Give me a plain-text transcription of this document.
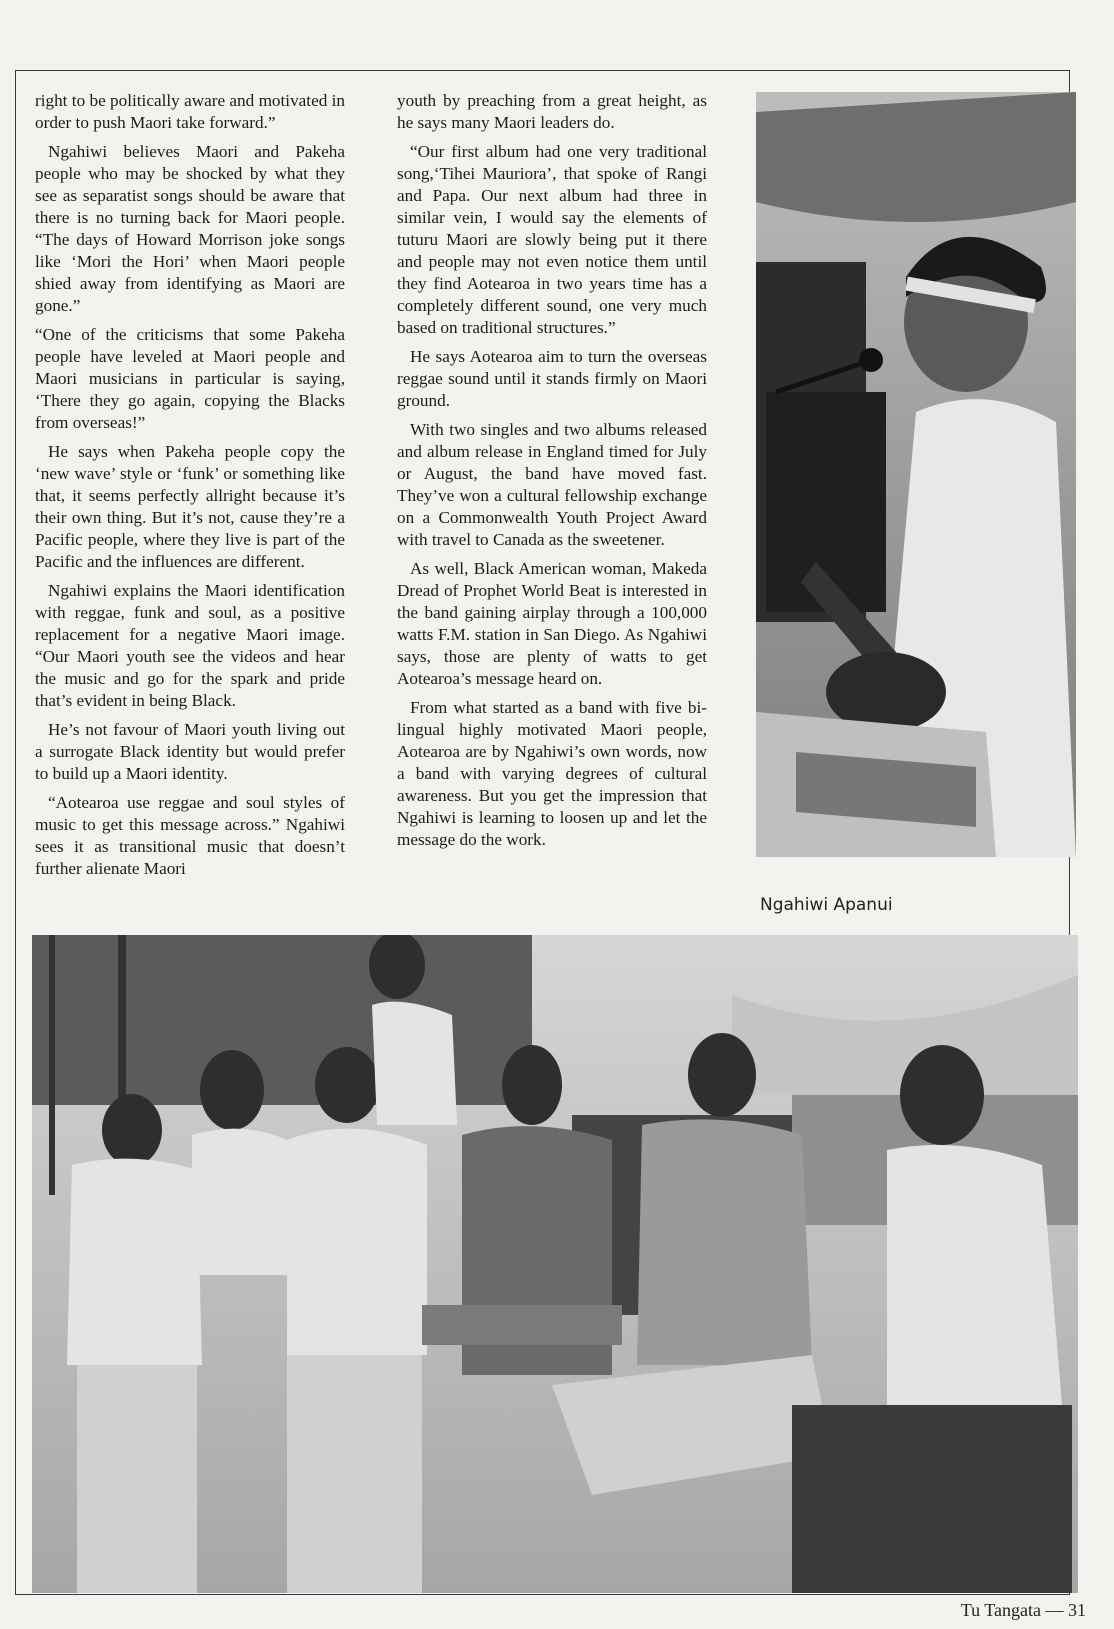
right to be politically aware and motivated in order to push Maori take forward.”

Ngahiwi believes Maori and Pakeha people who may be shocked by what they see as separatist songs should be aware that there is no turning back for Maori people. “The days of Howard Morrison joke songs like ‘Mori the Hori’ when Maori people shied away from identifying as Maori are gone.”

“One of the criticisms that some Pakeha people have leveled at Maori people and Maori musicians in particular is saying, ‘There they go again, copying the Blacks from overseas!”

He says when Pakeha people copy the ‘new wave’ style or ‘funk’ or something like that, it seems perfectly allright because it’s their own thing. But it’s not, cause they’re a Pacific people, where they live is part of the Pacific and the influences are different.

Ngahiwi explains the Maori identification with reggae, funk and soul, as a positive replacement for a negative Maori image. “Our Maori youth see the videos and hear the music and go for the spark and pride that’s evident in being Black.

He’s not favour of Maori youth living out a surrogate Black identity but would prefer to build up a Maori identity.

“Aotearoa use reggae and soul styles of music to get this message across.” Ngahiwi sees it as transitional music that doesn’t further alienate Maori

youth by preaching from a great height, as he says many Maori leaders do.

“Our first album had one very traditional song,‘Tihei Mauriora’, that spoke of Rangi and Papa. Our next album had three in similar vein, I would say the elements of tuturu Maori are slowly being put it there and people may not even notice them until they find Aotearoa in two years time has a completely different sound, one very much based on traditional structures.”

He says Aotearoa aim to turn the overseas reggae sound until it stands firmly on Maori ground.

With two singles and two albums released and album release in England timed for July or August, the band have moved fast. They’ve won a cultural fellowship exchange on a Commonwealth Youth Project Award with travel to Canada as the sweetener.

As well, Black American woman, Makeda Dread of Prophet World Beat is interested in the band gaining airplay through a 100,000 watts F.M. station in San Diego. As Ngahiwi says, those are plenty of watts to get Aotearoa’s message heard on.

From what started as a band with five bi-lingual highly motivated Maori people, Aotearoa are by Ngahiwi’s own words, now a band with varying degrees of cultural awareness. But you get the impression that Ngahiwi is learning to loosen up and let the message do the work.

Ngahiwi Apanui
Tu Tangata — 31
